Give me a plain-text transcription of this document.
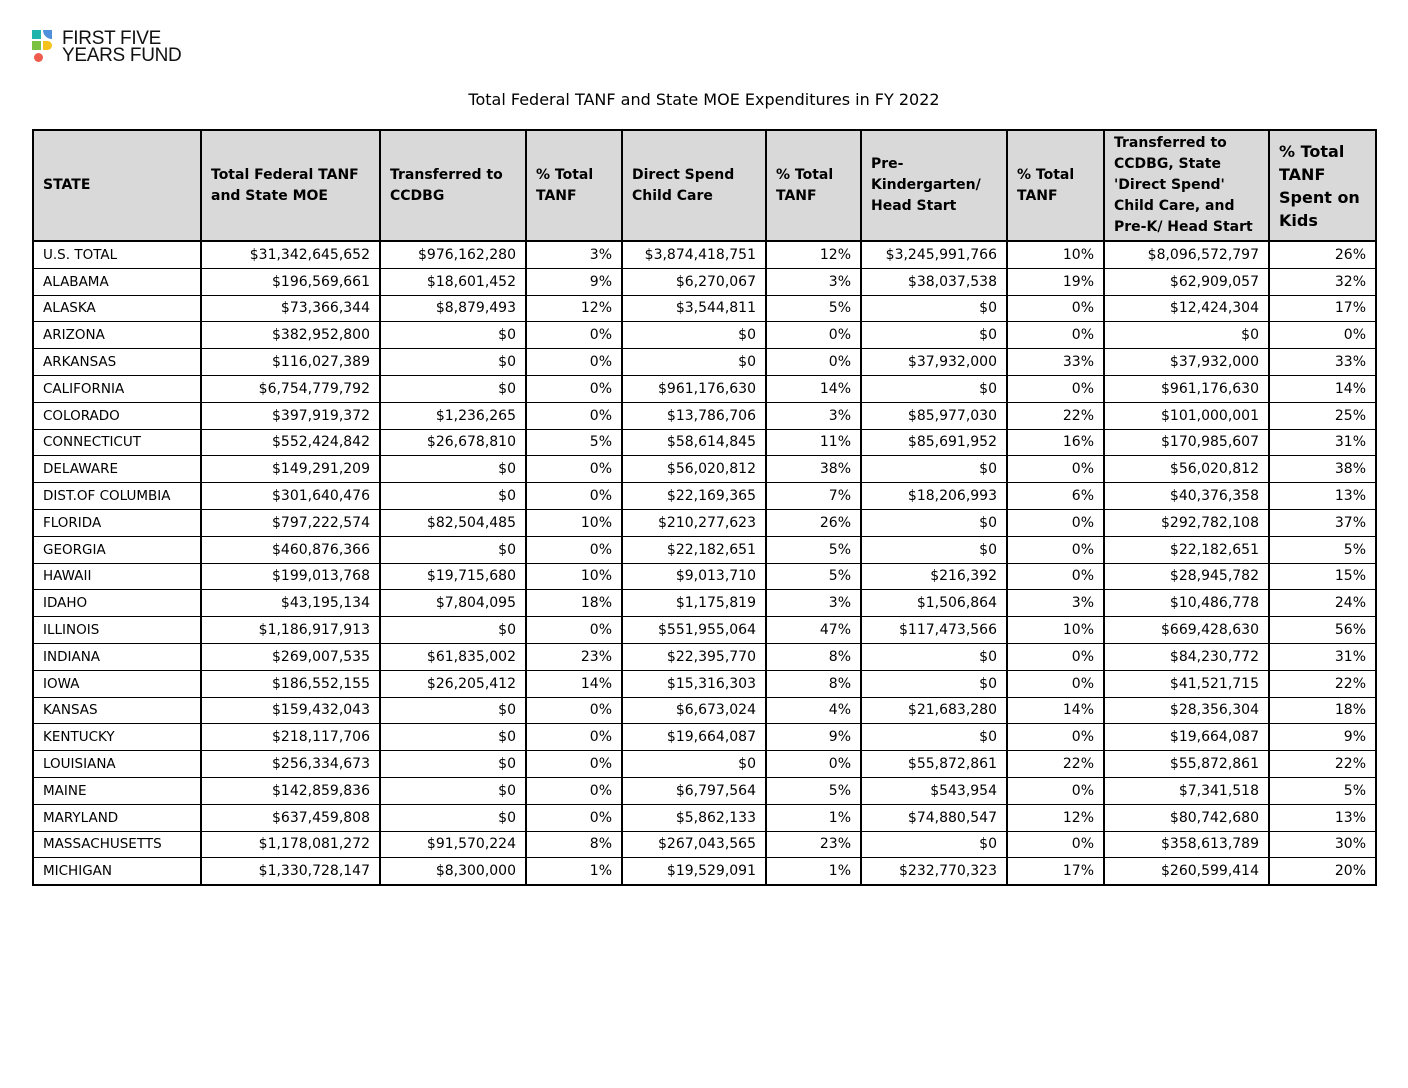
FIRST FIVE
YEARS FUND
Total Federal TANF and State MOE Expenditures in FY 2022
STATE	Total Federal TANF and State MOE	Transferred to CCDBG	% Total TANF	Direct Spend Child Care	% Total TANF	Pre-Kindergarten/ Head Start	% Total TANF	Transferred to CCDBG, State 'Direct Spend' Child Care, and Pre-K/ Head Start	% Total TANF Spent on Kids
U.S. TOTAL	$31,342,645,652	$976,162,280	3%	$3,874,418,751	12%	$3,245,991,766	10%	$8,096,572,797	26%
ALABAMA	$196,569,661	$18,601,452	9%	$6,270,067	3%	$38,037,538	19%	$62,909,057	32%
ALASKA	$73,366,344	$8,879,493	12%	$3,544,811	5%	$0	0%	$12,424,304	17%
ARIZONA	$382,952,800	$0	0%	$0	0%	$0	0%	$0	0%
ARKANSAS	$116,027,389	$0	0%	$0	0%	$37,932,000	33%	$37,932,000	33%
CALIFORNIA	$6,754,779,792	$0	0%	$961,176,630	14%	$0	0%	$961,176,630	14%
COLORADO	$397,919,372	$1,236,265	0%	$13,786,706	3%	$85,977,030	22%	$101,000,001	25%
CONNECTICUT	$552,424,842	$26,678,810	5%	$58,614,845	11%	$85,691,952	16%	$170,985,607	31%
DELAWARE	$149,291,209	$0	0%	$56,020,812	38%	$0	0%	$56,020,812	38%
DIST.OF COLUMBIA	$301,640,476	$0	0%	$22,169,365	7%	$18,206,993	6%	$40,376,358	13%
FLORIDA	$797,222,574	$82,504,485	10%	$210,277,623	26%	$0	0%	$292,782,108	37%
GEORGIA	$460,876,366	$0	0%	$22,182,651	5%	$0	0%	$22,182,651	5%
HAWAII	$199,013,768	$19,715,680	10%	$9,013,710	5%	$216,392	0%	$28,945,782	15%
IDAHO	$43,195,134	$7,804,095	18%	$1,175,819	3%	$1,506,864	3%	$10,486,778	24%
ILLINOIS	$1,186,917,913	$0	0%	$551,955,064	47%	$117,473,566	10%	$669,428,630	56%
INDIANA	$269,007,535	$61,835,002	23%	$22,395,770	8%	$0	0%	$84,230,772	31%
IOWA	$186,552,155	$26,205,412	14%	$15,316,303	8%	$0	0%	$41,521,715	22%
KANSAS	$159,432,043	$0	0%	$6,673,024	4%	$21,683,280	14%	$28,356,304	18%
KENTUCKY	$218,117,706	$0	0%	$19,664,087	9%	$0	0%	$19,664,087	9%
LOUISIANA	$256,334,673	$0	0%	$0	0%	$55,872,861	22%	$55,872,861	22%
MAINE	$142,859,836	$0	0%	$6,797,564	5%	$543,954	0%	$7,341,518	5%
MARYLAND	$637,459,808	$0	0%	$5,862,133	1%	$74,880,547	12%	$80,742,680	13%
MASSACHUSETTS	$1,178,081,272	$91,570,224	8%	$267,043,565	23%	$0	0%	$358,613,789	30%
MICHIGAN	$1,330,728,147	$8,300,000	1%	$19,529,091	1%	$232,770,323	17%	$260,599,414	20%
